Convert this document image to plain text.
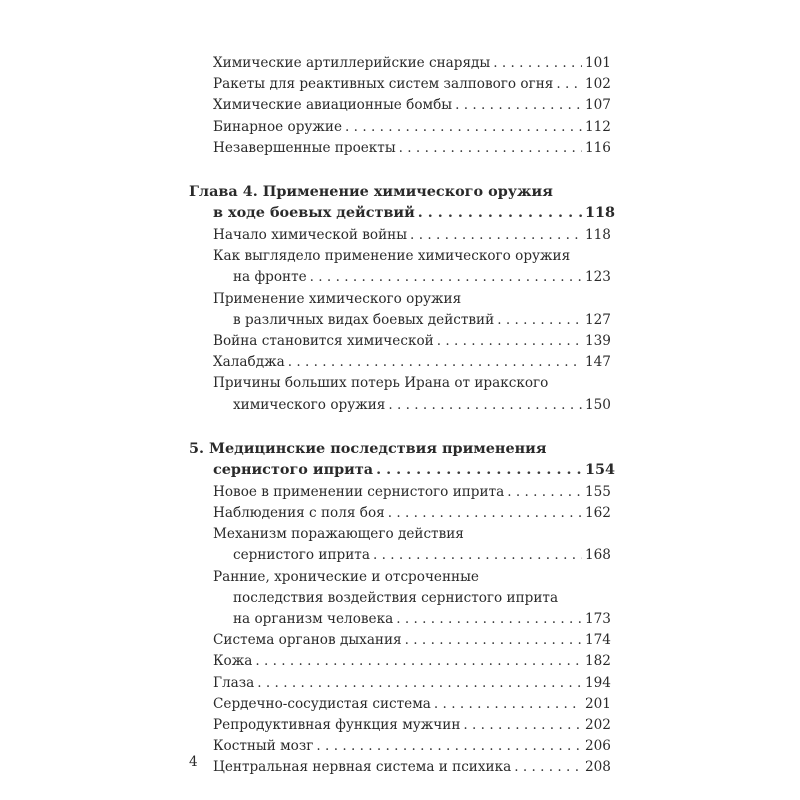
Химические артиллерийские снаряды . . .	101
Ракеты для реактивных систем залпового огня . . . 102
Химические авиационные бомбы . . .	107
Бинарное оружие . . .	112
Незавершенные проекты . . .	116
Глава 4. Применение химического оружия
в ходе боевых действий . . .	118
Начало химической войны . . .	118
Как выглядело применение химического оружия
на фронте . . .	123
Применение химического оружия
в различных видах боевых действий . . .	127
Война становится химической . . .	139
Халабджа . . .	147
Причины больших потерь Ирана от иракского
химического оружия . . .	150
5. Медицинские последствия применения
сернистого иприта . . .	154
Новое в применении сернистого иприта . . .	155
Наблюдения с поля боя . . .	162
Механизм поражающего действия
сернистого иприта . . .	168
Ранние, хронические и отсроченные
последствия воздействия сернистого иприта
на организм человека . . .	173
Система органов дыхания . . .	174
Кожа . . .	182
Глаза . . .	194
Сердечно-сосудистая система . . .	201
Репродуктивная функция мужчин . . .	202
Костный мозг . . .	206
Центральная нервная система и психика . . .	208
4
